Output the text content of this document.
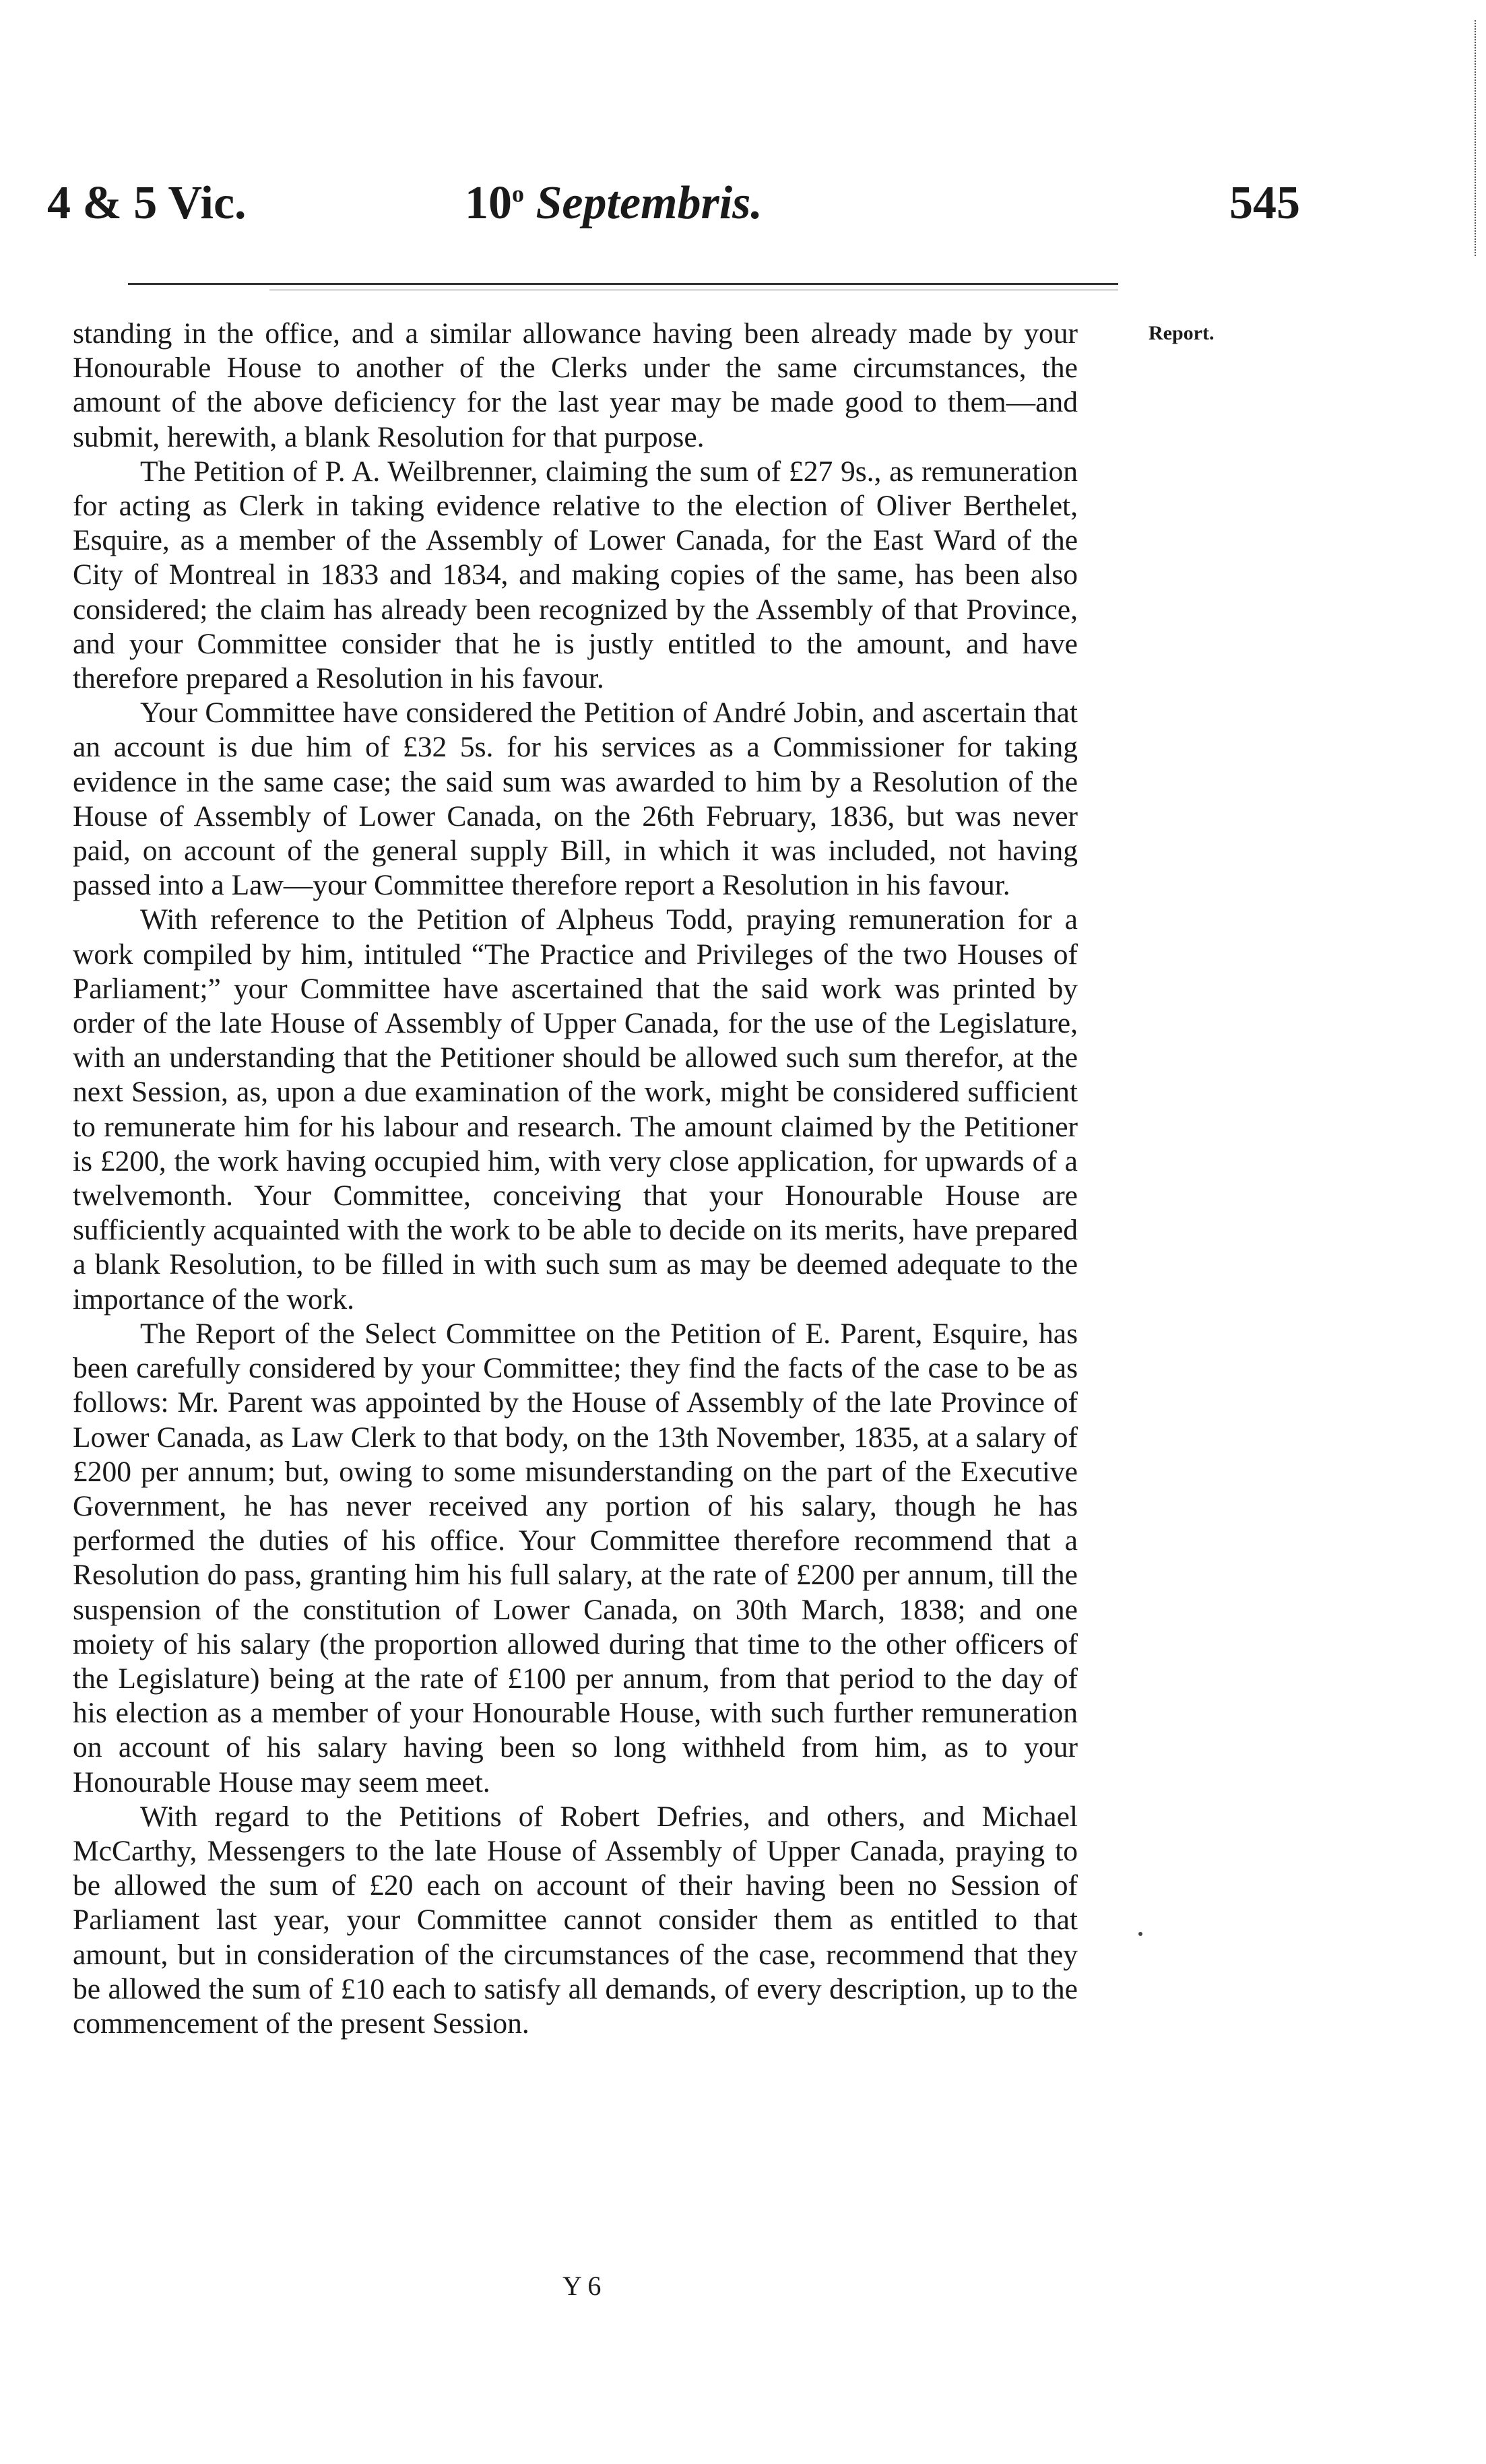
4 & 5 Vic.	10$^o$ Septembris.	545
Report.

standing in the office, and a similar allowance having been already made by your Honourable House to another of the Clerks under the same circumstances, the amount of the above deficiency for the last year may be made good to them—and submit, herewith, a blank Resolution for that purpose.

The Petition of P. A. Weilbrenner, claiming the sum of £27 9s., as remuneration for acting as Clerk in taking evidence relative to the election of Oliver Berthelet, Esquire, as a member of the Assembly of Lower Canada, for the East Ward of the City of Montreal in 1833 and 1834, and making copies of the same, has been also considered; the claim has already been recognized by the Assembly of that Province, and your Committee consider that he is justly entitled to the amount, and have therefore prepared a Resolution in his favour.

Your Committee have considered the Petition of André Jobin, and ascertain that an account is due him of £32 5s. for his services as a Commissioner for taking evidence in the same case; the said sum was awarded to him by a Resolution of the House of Assembly of Lower Canada, on the 26th February, 1836, but was never paid, on account of the general supply Bill, in which it was included, not having passed into a Law—your Committee therefore report a Resolution in his favour.

With reference to the Petition of Alpheus Todd, praying remuneration for a work compiled by him, intituled “The Practice and Privileges of the two Houses of Parliament;” your Committee have ascertained that the said work was printed by order of the late House of Assembly of Upper Canada, for the use of the Legislature, with an understanding that the Petitioner should be allowed such sum therefor, at the next Session, as, upon a due examination of the work, might be considered sufficient to remunerate him for his labour and research. The amount claimed by the Petitioner is £200, the work having occupied him, with very close application, for upwards of a twelvemonth. Your Committee, conceiving that your Honourable House are sufficiently acquainted with the work to be able to decide on its merits, have prepared a blank Resolution, to be filled in with such sum as may be deemed adequate to the importance of the work.

The Report of the Select Committee on the Petition of E. Parent, Esquire, has been carefully considered by your Committee; they find the facts of the case to be as follows: Mr. Parent was appointed by the House of Assembly of the late Province of Lower Canada, as Law Clerk to that body, on the 13th November, 1835, at a salary of £200 per annum; but, owing to some misunderstanding on the part of the Executive Government, he has never received any portion of his salary, though he has performed the duties of his office. Your Committee therefore recommend that a Resolution do pass, granting him his full salary, at the rate of £200 per annum, till the suspension of the constitution of Lower Canada, on 30th March, 1838; and one moiety of his salary (the proportion allowed during that time to the other officers of the Legislature) being at the rate of £100 per annum, from that period to the day of his election as a member of your Honourable House, with such further remuneration on account of his salary having been so long withheld from him, as to your Honourable House may seem meet.

With regard to the Petitions of Robert Defries, and others, and Michael McCarthy, Messengers to the late House of Assembly of Upper Canada, praying to be allowed the sum of £20 each on account of their having been no Session of Parliament last year, your Committee cannot consider them as entitled to that amount, but in consideration of the circumstances of the case, recommend that they be allowed the sum of £10 each to satisfy all demands, of every description, up to the commencement of the present Session.

Y 6
